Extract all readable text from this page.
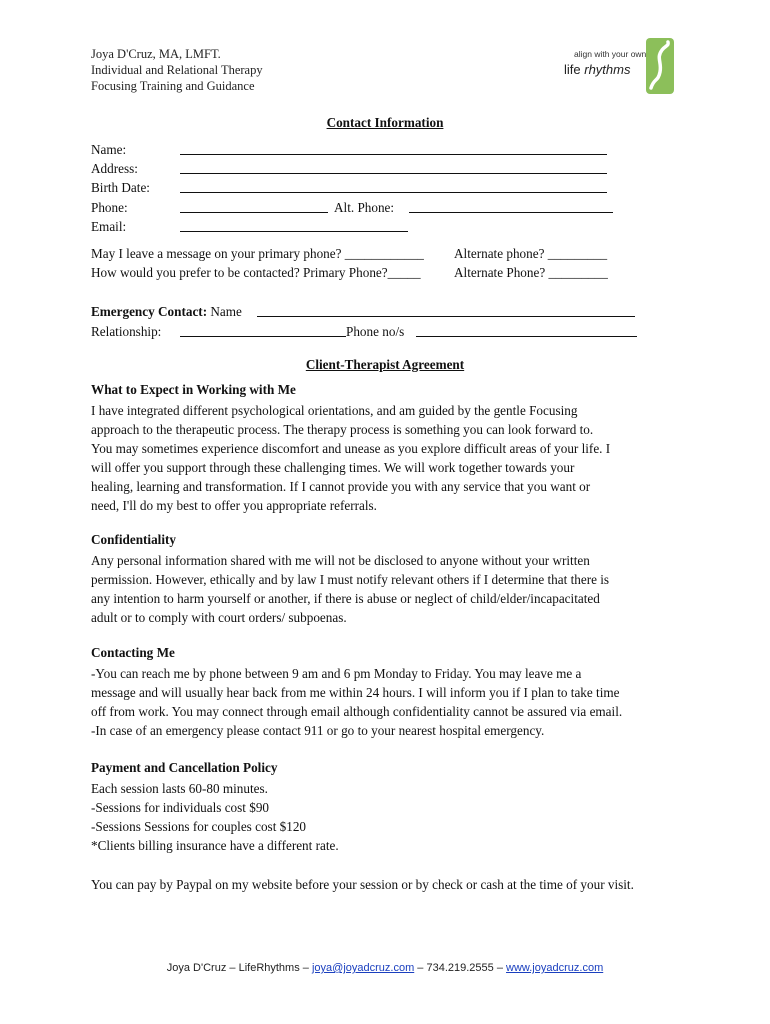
Joya D'Cruz, MA, LMFT.
Individual and Relational Therapy
Focusing Training and Guidance
align with your own
life rhythms
Contact Information
Name:
Address:
Birth Date:
Phone:	Alt. Phone:
Email:
May I leave a message on your primary phone? ____________ Alternate phone? _________
How would you prefer to be contacted? Primary Phone?_____	Alternate Phone? _________
Emergency Contact: Name
Relationship:	Phone no/s
Client-Therapist Agreement
What to Expect in Working with Me
I have integrated different psychological orientations, and am guided by the gentle Focusing
approach to the therapeutic process. The therapy process is something you can look forward to.
You may sometimes experience discomfort and unease as you explore difficult areas of your life. I
will offer you support through these challenging times. We will work together towards your
healing, learning and transformation. If I cannot provide you with any service that you want or
need, I'll do my best to offer you appropriate referrals.
Confidentiality
Any personal information shared with me will not be disclosed to anyone without your written
permission. However, ethically and by law I must notify relevant others if I determine that there is
any intention to harm yourself or another, if there is abuse or neglect of child/elder/incapacitated
adult or to comply with court orders/ subpoenas.
Contacting Me
-You can reach me by phone between 9 am and 6 pm Monday to Friday. You may leave me a
message and will usually hear back from me within 24 hours. I will inform you if I plan to take time
off from work. You may connect through email although confidentiality cannot be assured via email.
-In case of an emergency please contact 911 or go to your nearest hospital emergency.
Payment and Cancellation Policy
Each session lasts 60-80 minutes.
-Sessions for individuals cost $90
-Sessions Sessions for couples cost $120
*Clients billing insurance have a different rate.
You can pay by Paypal on my website before your session or by check or cash at the time of your visit.
Joya D'Cruz – LifeRhythms – joya@joyadcruz.com – 734.219.2555 – www.joyadcruz.com
